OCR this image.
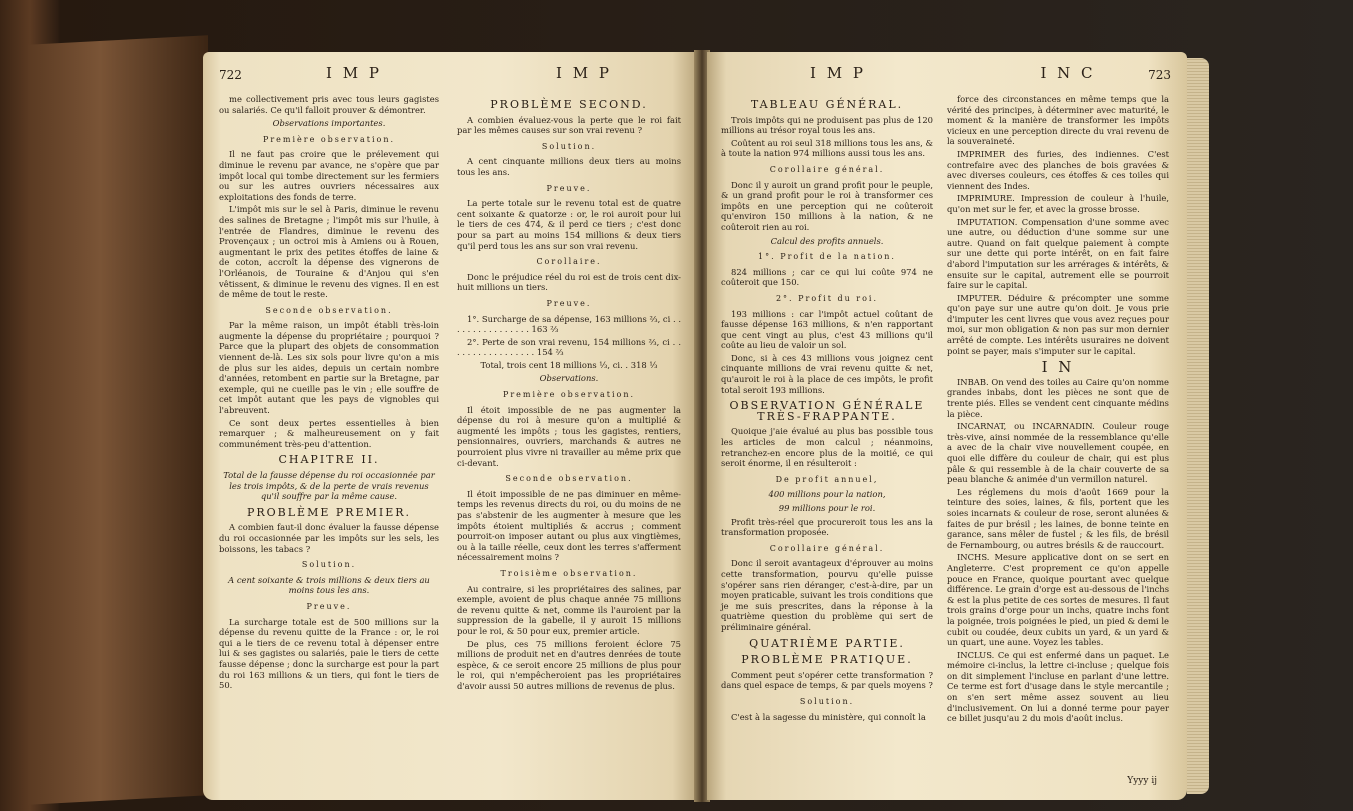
722	I M P	I M P

me collectivement pris avec tous leurs gagistes ou salariés. Ce qu'il falloit prouver & démontrer.

Observations importantes.

Première observation.

Il ne faut pas croire que le prélevement qui diminue le revenu par avance, ne s'opère que par impôt local qui tombe directement sur les fermiers ou sur les autres ouvriers nécessaires aux exploitations des fonds de terre.

L'impôt mis sur le sel à Paris, diminue le revenu des salines de Bretagne ; l'impôt mis sur l'huile, à l'entrée de Flandres, diminue le revenu des Provençaux ; un octroi mis à Amiens ou à Rouen, augmentant le prix des petites étoffes de laine & de coton, accroît la dépense des vignerons de l'Orléanois, de Touraine & d'Anjou qui s'en vêtissent, & diminue le revenu des vignes. Il en est de même de tout le reste.

Seconde observation.

Par la même raison, un impôt établi très-loin augmente la dépense du propriétaire ; pourquoi ? Parce que la plupart des objets de consommation viennent de-là. Les six sols pour livre qu'on a mis de plus sur les aides, depuis un certain nombre d'années, retombent en partie sur la Bretagne, par exemple, qui ne cueille pas le vin ; elle souffre de cet impôt autant que les pays de vignobles qui l'abreuvent.

Ce sont deux pertes essentielles à bien remarquer ; & malheureusement on y fait communément très-peu d'attention.

CHAPITRE II.

Total de la fausse dépense du roi occasionnée par les trois impôts, & de la perte de vrais revenus qu'il souffre par la même cause.

PROBLÈME PREMIER.

A combien faut-il donc évaluer la fausse dépense du roi occasionnée par les impôts sur les sels, les boissons, les tabacs ?

Solution.

A cent soixante & trois millions & deux tiers au moins tous les ans.

Preuve.

La surcharge totale est de 500 millions sur la dépense du revenu quitte de la France : or, le roi qui a le tiers de ce revenu total à dépenser entre lui & ses gagistes ou salariés, paie le tiers de cette fausse dépense ; donc la surcharge est pour la part du roi 163 millions & un tiers, qui font le tiers de 50.

PROBLÈME SECOND.

A combien évaluez-vous la perte que le roi fait par les mêmes causes sur son vrai revenu ?

Solution.

A cent cinquante millions deux tiers au moins tous les ans.

Preuve.

La perte totale sur le revenu total est de quatre cent soixante & quatorze : or, le roi auroit pour lui le tiers de ces 474, & il perd ce tiers ; c'est donc pour sa part au moins 154 millions & deux tiers qu'il perd tous les ans sur son vrai revenu.

Corollaire.

Donc le préjudice réel du roi est de trois cent dix-huit millions un tiers.

Preuve.

1°. Surcharge de sa dépense, 163 millions ⅔, ci . . . . . . . . . . . . . . . . 163 ⅔

2°. Perte de son vrai revenu, 154 millions ⅔, ci . . . . . . . . . . . . . . . . . 154 ⅔

Total, trois cent 18 millions ⅓, ci. . 318 ⅓

Observations.

Première observation.

Il étoit impossible de ne pas augmenter la dépense du roi à mesure qu'on a multiplié & augmenté les impôts ; tous les gagistes, rentiers, pensionnaires, ouvriers, marchands & autres ne pourroient plus vivre ni travailler au même prix que ci-devant.

Seconde observation.

Il étoit impossible de ne pas diminuer en même-temps les revenus directs du roi, ou du moins de ne pas s'abstenir de les augmenter à mesure que les impôts étoient multipliés & accrus ; comment pourroit-on imposer autant ou plus aux vingtièmes, ou à la taille réelle, ceux dont les terres s'afferment nécessairement moins ?

Troisième observation.

Au contraire, si les propriétaires des salines, par exemple, avoient de plus chaque année 75 millions de revenu quitte & net, comme ils l'auroient par la suppression de la gabelle, il y auroit 15 millions pour le roi, & 50 pour eux, premier article.

De plus, ces 75 millions feroient éclore 75 millions de produit net en d'autres denrées de toute espèce, & ce seroit encore 25 millions de plus pour le roi, qui n'empêcheroient pas les propriétaires d'avoir aussi 50 autres millions de revenus de plus.

I M P	I N C	723

TABLEAU GÉNÉRAL.

Trois impôts qui ne produisent pas plus de 120 millions au trésor royal tous les ans.

Coûtent au roi seul 318 millions tous les ans, & à toute la nation 974 millions aussi tous les ans.

Corollaire général.

Donc il y auroit un grand profit pour le peuple, & un grand profit pour le roi à transformer ces impôts en une perception qui ne coûteroit qu'environ 150 millions à la nation, & ne coûteroit rien au roi.

Calcul des profits annuels.

1°. Profit de la nation.

824 millions ; car ce qui lui coûte 974 ne coûteroit que 150.

2°. Profit du roi.

193 millions : car l'impôt actuel coûtant de fausse dépense 163 millions, & n'en rapportant que cent vingt au plus, c'est 43 millions qu'il coûte au lieu de valoir un sol.

Donc, si à ces 43 millions vous joignez cent cinquante millions de vrai revenu quitte & net, qu'auroit le roi à la place de ces impôts, le profit total seroit 193 millions.

OBSERVATION GÉNÉRALE TRÈS-FRAPPANTE.

Quoique j'aie évalué au plus bas possible tous les articles de mon calcul ; néanmoins, retranchez-en encore plus de la moitié, ce qui seroit énorme, il en résulteroit :

De profit annuel,

400 millions pour la nation,

99 millions pour le roi.

Profit très-réel que procureroit tous les ans la transformation proposée.

Corollaire général.

Donc il seroit avantageux d'éprouver au moins cette transformation, pourvu qu'elle puisse s'opérer sans rien déranger, c'est-à-dire, par un moyen praticable, suivant les trois conditions que je me suis prescrites, dans la réponse à la quatrième question du problème qui sert de préliminaire général.

QUATRIÈME PARTIE.

PROBLÈME PRATIQUE.

Comment peut s'opérer cette transformation ? dans quel espace de temps, & par quels moyens ?

Solution.

C'est à la sagesse du ministère, qui connoît la

force des circonstances en même temps que la vérité des principes, à déterminer avec maturité, le moment & la manière de transformer les impôts vicieux en une perception directe du vrai revenu de la souveraineté.

IMPRIMER des furies, des indiennes. C'est contrefaire avec des planches de bois gravées & avec diverses couleurs, ces étoffes & ces toiles qui viennent des Indes.

IMPRIMURE. Impression de couleur à l'huile, qu'on met sur le fer, et avec la grosse brosse.

IMPUTATION. Compensation d'une somme avec une autre, ou déduction d'une somme sur une autre. Quand on fait quelque paiement à compte sur une dette qui porte intérêt, on en fait faire d'abord l'imputation sur les arrérages & intérêts, & ensuite sur le capital, autrement elle se pourroit faire sur le capital.

IMPUTER. Déduire & précompter une somme qu'on paye sur une autre qu'on doit. Je vous prie d'imputer les cent livres que vous avez reçues pour moi, sur mon obligation & non pas sur mon dernier arrêté de compte. Les intérêts usuraires ne doivent point se payer, mais s'imputer sur le capital.

I N

INBAB. On vend des toiles au Caire qu'on nomme grandes inbabs, dont les pièces ne sont que de trente piés. Elles se vendent cent cinquante médins la pièce.

INCARNAT, ou INCARNADIN. Couleur rouge très-vive, ainsi nommée de la ressemblance qu'elle a avec de la chair vive nouvellement coupée, en quoi elle diffère du couleur de chair, qui est plus pâle & qui ressemble à de la chair couverte de sa peau blanche & animée d'un vermillon naturel.

Les réglemens du mois d'août 1669 pour la teinture des soies, laines, & fils, portent que les soies incarnats & couleur de rose, seront alunées & faites de pur brésil ; les laines, de bonne teinte en garance, sans mêler de fustel ; & les fils, de brésil de Fernambourg, ou autres brésils & de rauccourt.

INCHS. Mesure applicative dont on se sert en Angleterre. C'est proprement ce qu'on appelle pouce en France, quoique pourtant avec quelque différence. Le grain d'orge est au-dessous de l'inchs & est la plus petite de ces sortes de mesures. Il faut trois grains d'orge pour un inchs, quatre inchs font la poignée, trois poignées le pied, un pied & demi le cubit ou coudée, deux cubits un yard, & un yard & un quart, une aune. Voyez les tables.

INCLUS. Ce qui est enfermé dans un paquet. Le mémoire ci-inclus, la lettre ci-incluse ; quelque fois on dit simplement l'incluse en parlant d'une lettre. Ce terme est fort d'usage dans le style mercantile ; on s'en sert même assez souvent au lieu d'inclusivement. On lui a donné terme pour payer ce billet jusqu'au 2 du mois d'août inclus.

Yyyy ij
